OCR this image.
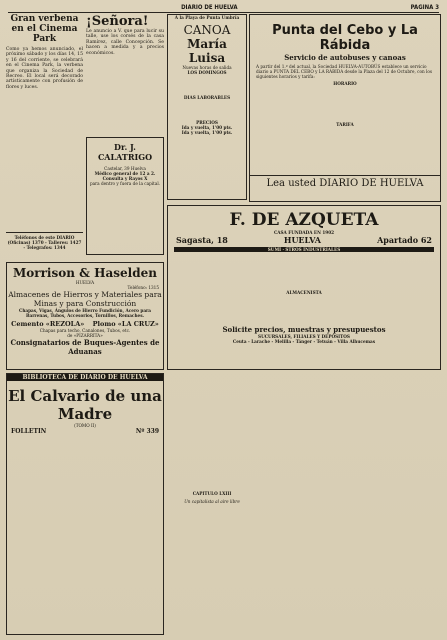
DIARIO DE HUELVA	PAGINA 3
Gran verbena en el Cinema Park
Como ya hemos anunciado, el próximo sábado y los días 14, 15 y 16 del corriente, se celebrará en el Cinema Park, la verbena que organiza la Sociedad de Recreo. El local será decorado artísticamente con profusión de flores y luces.
Teléfonos de este DIARIO (Oficinas) 1370 - Talleres: 1427 - Telegrafos: 1344
¡Señora!
Le anuncio a V. que para lucir su talle, use los corsés de la casa Ramírez, calle Concepción. Se hacen a medida y a precios económicos.
Dr. J. CALATRIGO
Castelar, 39 Huelva
Médico general de 12 a 2.
Consulta y Rayos X
para dentro y fuera de la capital.
A la Playa de Punta Umbría
CANOA
María Luisa
Nuevas horas de salida
LOS DOMINGOS
DIAS LABORABLES
PRECIOS
Ida y vuelta, 1'00 pts.
Ida y vuelta, 1'00 pts.
Punta del Cebo y La Rábida
Servicio de autobuses y canoas
A partir del 1.º del actual, la Sociedad HUELVA-AUTOBÚS establece un servicio diario a PUNTA DEL CEBO y LA RÁBIDA desde la Plaza del 12 de Octubre, con los siguientes horarios y tarifa:
HORARIO
TARIFA
Lea usted DIARIO DE HUELVA
Morrison & Haselden
HUELVA
Teléfono: 1315
Almacenes de Hierros y Materiales para Minas y para Construcción
Chapas, Vigas, Ángulos de Hierro Fundición, Acero para Barrenas, Tubos, Accesorios, Tornillos, Remaches.
Cemento «REZOLA» Plomo «LA CRUZ»
Chapas para techo, Canalones, Tubos, etc.
de «PIZARRITA»
Consignatarios de Buques-Agentes de Aduanas
F. DE AZQUETA
CASA FUNDADA EN 1902
Sagasta, 18	HUELVA	Apartado 62
SUMI · STROS INDUSTRIALES
ALMACENISTA
Solicite precios, muestras y presupuestos
SUCURSALES, FILIALES Y DEPÓSITOS
Ceuta - Larache - Melilla - Tánger - Tetuán - Villa Alhucemas
BIBLIOTECA DE DIARIO DE HUELVA
El Calvario de una Madre
(TOMO II)
FOLLETIN	Nº 339
CAPITULO LXIII
Un capitalista al aire libre
